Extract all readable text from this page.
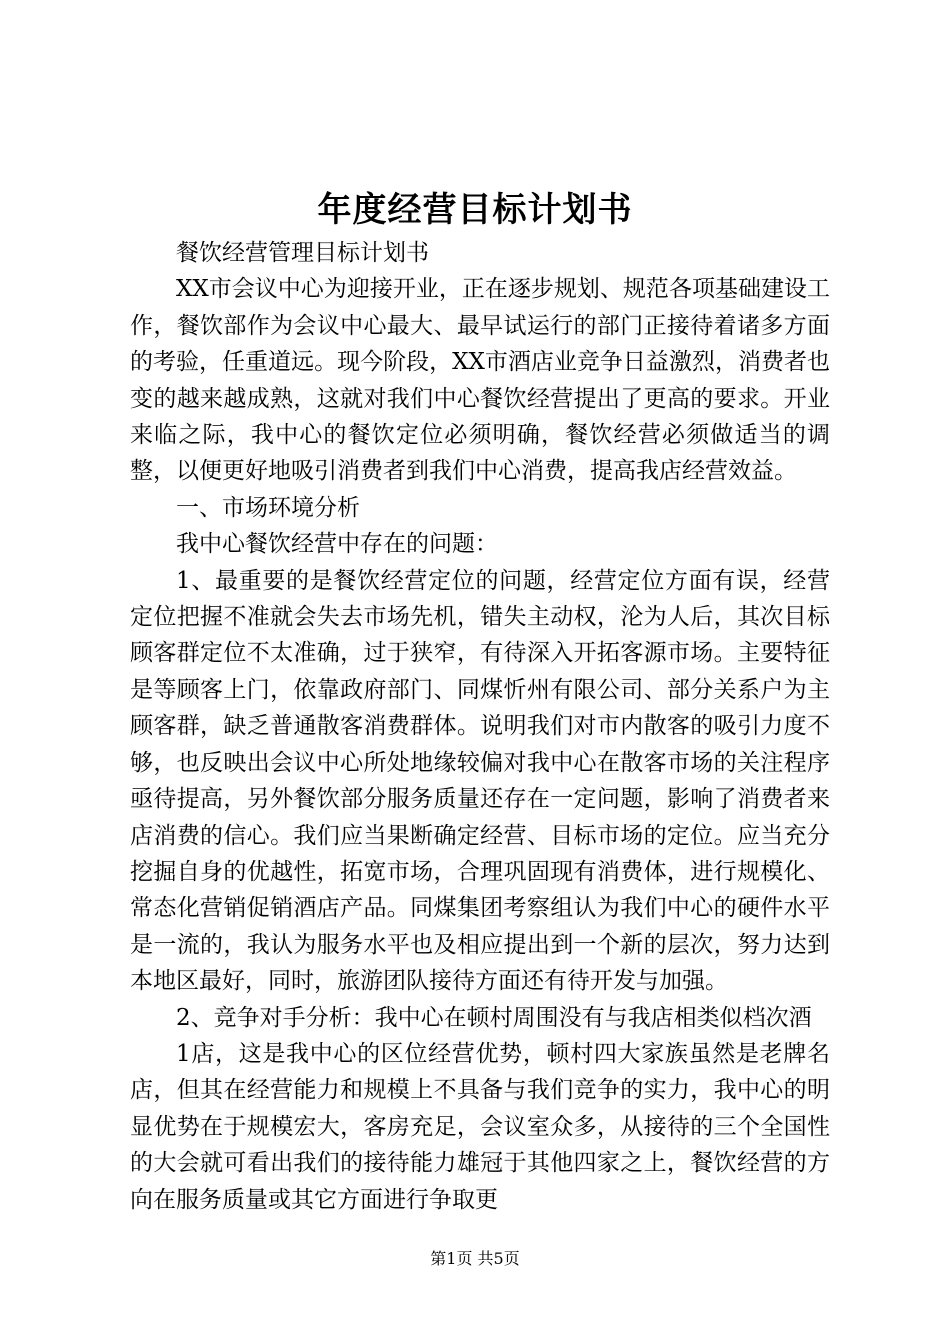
年度经营目标计划书

餐饮经营管理目标计划书

XX市会议中心为迎接开业，正在逐步规划、规范各项基础建设工作，餐饮部作为会议中心最大、最早试运行的部门正接待着诸多方面的考验，任重道远。现今阶段，XX市酒店业竞争日益激烈，消费者也变的越来越成熟，这就对我们中心餐饮经营提出了更高的要求。开业来临之际，我中心的餐饮定位必须明确，餐饮经营必须做适当的调整，以便更好地吸引消费者到我们中心消费，提高我店经营效益。

一、市场环境分析

我中心餐饮经营中存在的问题：

1、最重要的是餐饮经营定位的问题，经营定位方面有误，经营定位把握不准就会失去市场先机，错失主动权，沦为人后，其次目标顾客群定位不太准确，过于狭窄，有待深入开拓客源市场。主要特征是等顾客上门，依靠政府部门、同煤忻州有限公司、部分关系户为主顾客群，缺乏普通散客消费群体。说明我们对市内散客的吸引力度不够，也反映出会议中心所处地缘较偏对我中心在散客市场的关注程序亟待提高，另外餐饮部分服务质量还存在一定问题，影响了消费者来店消费的信心。我们应当果断确定经营、目标市场的定位。应当充分挖掘自身的优越性，拓宽市场，合理巩固现有消费体，进行规模化、常态化营销促销酒店产品。同煤集团考察组认为我们中心的硬件水平是一流的，我认为服务水平也及相应提出到一个新的层次，努力达到本地区最好，同时，旅游团队接待方面还有待开发与加强。

2、竞争对手分析：我中心在顿村周围没有与我店相类似档次酒

1店，这是我中心的区位经营优势，顿村四大家族虽然是老牌名店，但其在经营能力和规模上不具备与我们竞争的实力，我中心的明显优势在于规模宏大，客房充足，会议室众多，从接待的三个全国性的大会就可看出我们的接待能力雄冠于其他四家之上，餐饮经营的方向在服务质量或其它方面进行争取更

第1页 共5页
